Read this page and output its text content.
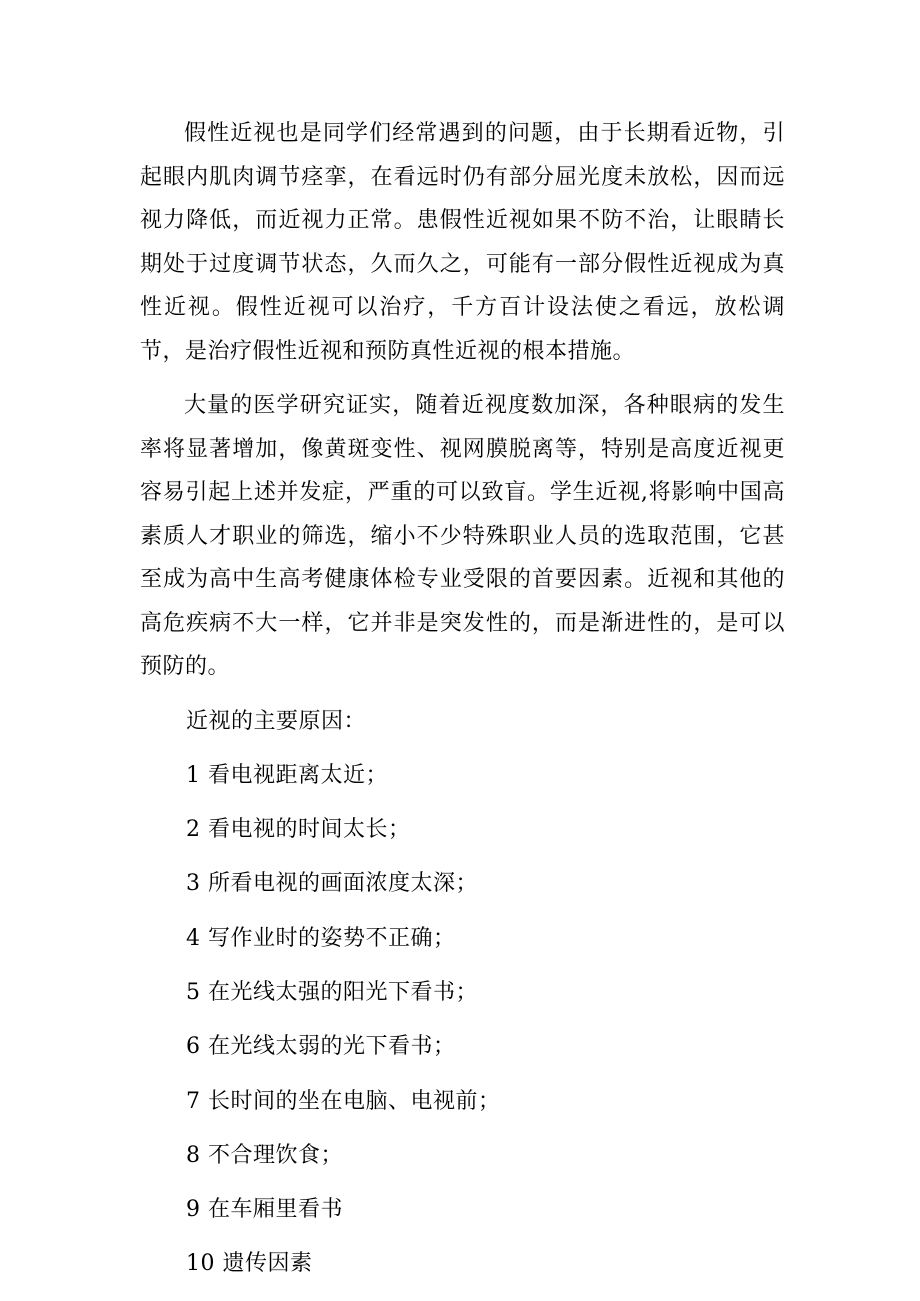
假性近视也是同学们经常遇到的问题，由于长期看近物，引起眼内肌肉调节痉挛，在看远时仍有部分屈光度未放松，因而远视力降低，而近视力正常。患假性近视如果不防不治，让眼睛长期处于过度调节状态，久而久之，可能有一部分假性近视成为真性近视。假性近视可以治疗，千方百计设法使之看远，放松调节，是治疗假性近视和预防真性近视的根本措施。

大量的医学研究证实，随着近视度数加深，各种眼病的发生率将显著增加，像黄斑变性、视网膜脱离等，特别是高度近视更容易引起上述并发症，严重的可以致盲。学生近视,将影响中国高素质人才职业的筛选，缩小不少特殊职业人员的选取范围，它甚至成为高中生高考健康体检专业受限的首要因素。近视和其他的高危疾病不大一样，它并非是突发性的，而是渐进性的，是可以预防的。

近视的主要原因：
1 看电视距离太近；
2 看电视的时间太长；
3 所看电视的画面浓度太深；
4 写作业时的姿势不正确；
5 在光线太强的阳光下看书；
6 在光线太弱的光下看书；
7 长时间的坐在电脑、电视前；
8 不合理饮食；
9 在车厢里看书
10 遗传因素
